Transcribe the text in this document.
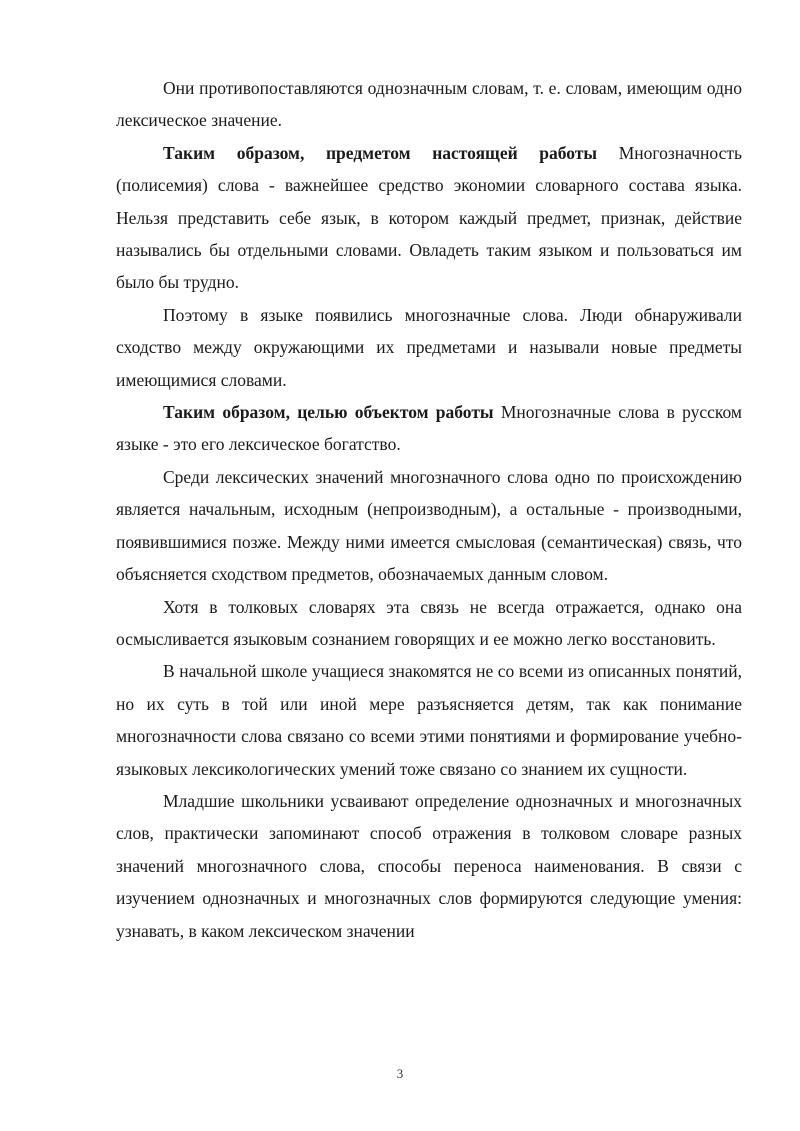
Они противопоставляются однозначным словам, т. е. словам, имеющим одно лексическое значение.

Таким образом, предметом настоящей работы Многозначность (полисемия) слова - важнейшее средство экономии словарного состава языка. Нельзя представить себе язык, в котором каждый предмет, признак, действие назывались бы отдельными словами. Овладеть таким языком и пользоваться им было бы трудно.

Поэтому в языке появились многозначные слова. Люди обнаруживали сходство между окружающими их предметами и называли новые предметы имеющимися словами.

Таким образом, целью объектом работы Многозначные слова в русском языке - это его лексическое богатство.

Среди лексических значений многозначного слова одно по происхождению является начальным, исходным (непроизводным), а остальные - производными, появившимися позже. Между ними имеется смысловая (семантическая) связь, что объясняется сходством предметов, обозначаемых данным словом.

Хотя в толковых словарях эта связь не всегда отражается, однако она осмысливается языковым сознанием говорящих и ее можно легко восстановить.

В начальной школе учащиеся знакомятся не со всеми из описанных понятий, но их суть в той или иной мере разъясняется детям, так как понимание многозначности слова связано со всеми этими понятиями и формирование учебно-языковых лексикологических умений тоже связано со знанием их сущности.

Младшие школьники усваивают определение однозначных и многозначных слов, практически запоминают способ отражения в толковом словаре разных значений многозначного слова, способы переноса наименования. В связи с изучением однозначных и многозначных слов формируются следующие умения: узнавать, в каком лексическом значении

3
